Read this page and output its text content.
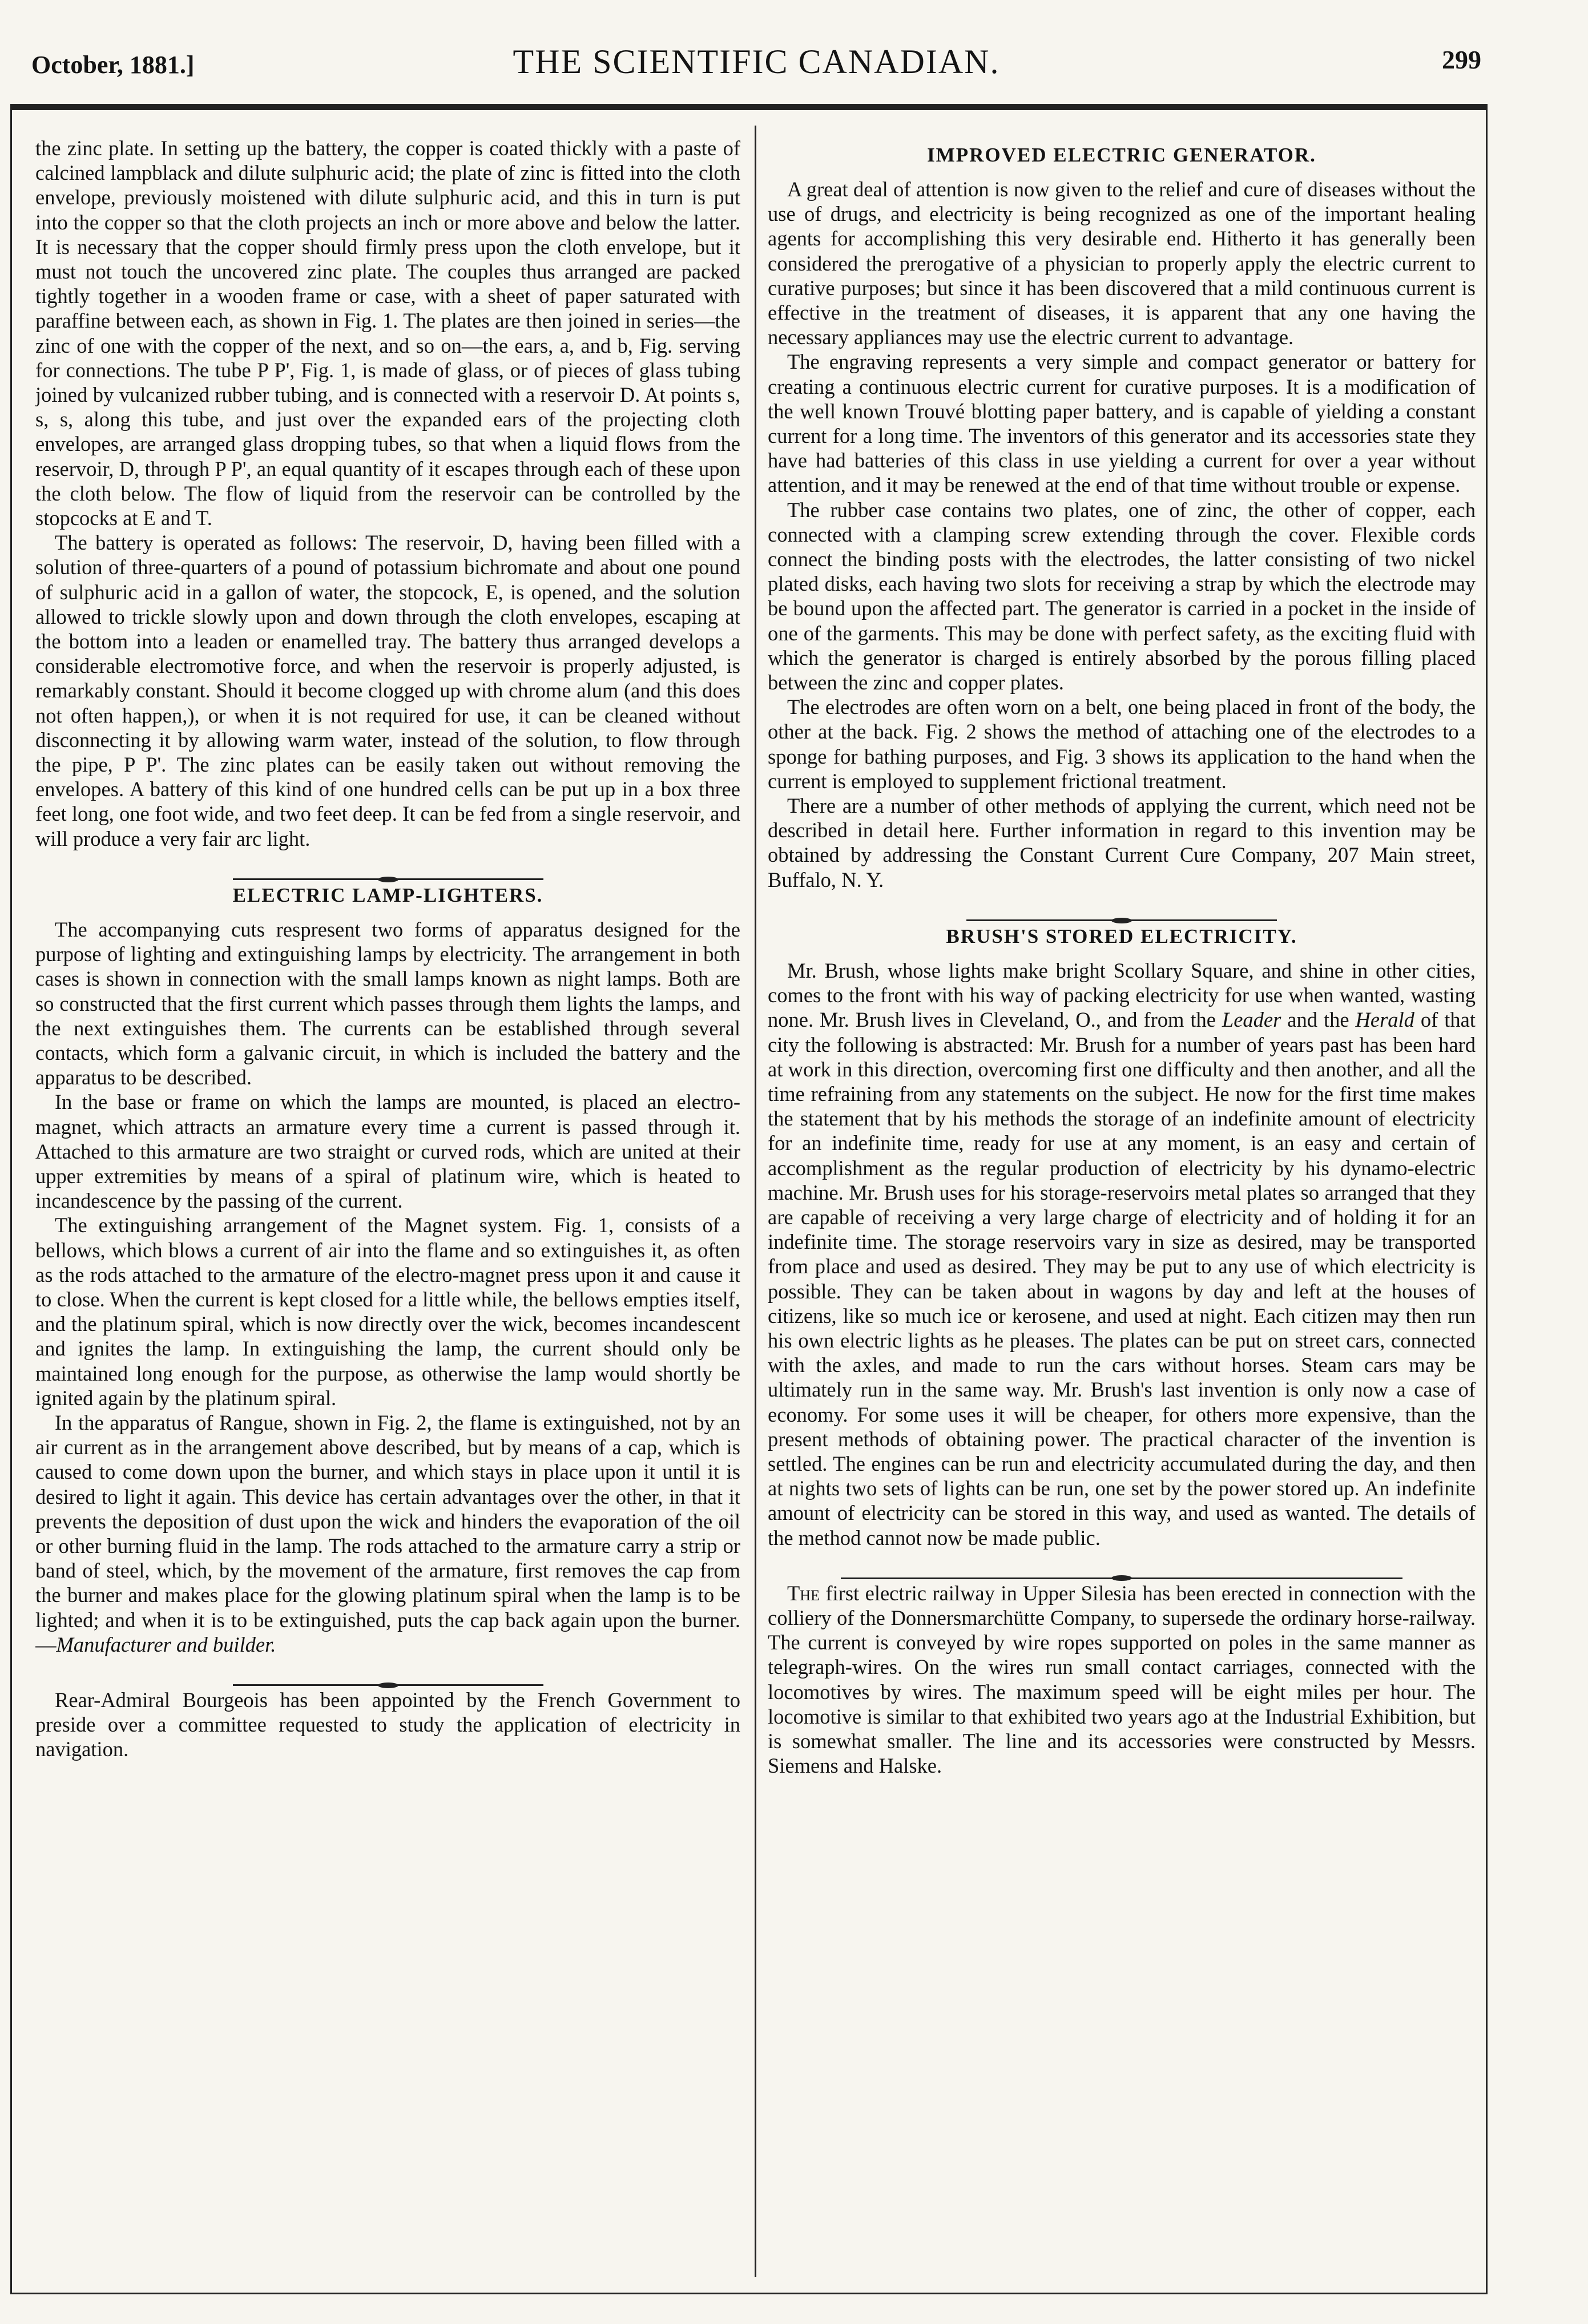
October, 1881.]	THE SCIENTIFIC CANADIAN.	299

the zinc plate. In setting up the battery, the copper is coated thickly with a paste of calcined lampblack and dilute sulphuric acid; the plate of zinc is fitted into the cloth envelope, previously moistened with dilute sulphuric acid, and this in turn is put into the copper so that the cloth projects an inch or more above and below the latter. It is necessary that the copper should firmly press upon the cloth envelope, but it must not touch the uncovered zinc plate. The couples thus arranged are packed tightly together in a wooden frame or case, with a sheet of paper saturated with paraffine between each, as shown in Fig. 1. The plates are then joined in series—the zinc of one with the copper of the next, and so on—the ears, a, and b, Fig. serving for connections. The tube P P', Fig. 1, is made of glass, or of pieces of glass tubing joined by vulcanized rubber tubing, and is connected with a reservoir D. At points s, s, s, along this tube, and just over the expanded ears of the projecting cloth envelopes, are arranged glass dropping tubes, so that when a liquid flows from the reservoir, D, through P P', an equal quantity of it escapes through each of these upon the cloth below. The flow of liquid from the reservoir can be controlled by the stopcocks at E and T.

The battery is operated as follows: The reservoir, D, having been filled with a solution of three-quarters of a pound of potassium bichromate and about one pound of sulphuric acid in a gallon of water, the stopcock, E, is opened, and the solution allowed to trickle slowly upon and down through the cloth envelopes, escaping at the bottom into a leaden or enamelled tray. The battery thus arranged develops a considerable electromotive force, and when the reservoir is properly adjusted, is remarkably constant. Should it become clogged up with chrome alum (and this does not often happen,), or when it is not required for use, it can be cleaned without disconnecting it by allowing warm water, instead of the solution, to flow through the pipe, P P'. The zinc plates can be easily taken out without removing the envelopes. A battery of this kind of one hundred cells can be put up in a box three feet long, one foot wide, and two feet deep. It can be fed from a single reservoir, and will produce a very fair arc light.

ELECTRIC LAMP-LIGHTERS.

The accompanying cuts respresent two forms of apparatus designed for the purpose of lighting and extinguishing lamps by electricity. The arrangement in both cases is shown in connection with the small lamps known as night lamps. Both are so constructed that the first current which passes through them lights the lamps, and the next extinguishes them. The currents can be established through several contacts, which form a galvanic circuit, in which is included the battery and the apparatus to be described.

In the base or frame on which the lamps are mounted, is placed an electro-magnet, which attracts an armature every time a current is passed through it. Attached to this armature are two straight or curved rods, which are united at their upper extremities by means of a spiral of platinum wire, which is heated to incandescence by the passing of the current.

The extinguishing arrangement of the Magnet system. Fig. 1, consists of a bellows, which blows a current of air into the flame and so extinguishes it, as often as the rods attached to the armature of the electro-magnet press upon it and cause it to close. When the current is kept closed for a little while, the bellows empties itself, and the platinum spiral, which is now directly over the wick, becomes incandescent and ignites the lamp. In extinguishing the lamp, the current should only be maintained long enough for the purpose, as otherwise the lamp would shortly be ignited again by the platinum spiral.

In the apparatus of Rangue, shown in Fig. 2, the flame is extinguished, not by an air current as in the arrangement above described, but by means of a cap, which is caused to come down upon the burner, and which stays in place upon it until it is desired to light it again. This device has certain advantages over the other, in that it prevents the deposition of dust upon the wick and hinders the evaporation of the oil or other burning fluid in the lamp. The rods attached to the armature carry a strip or band of steel, which, by the movement of the armature, first removes the cap from the burner and makes place for the glowing platinum spiral when the lamp is to be lighted; and when it is to be extinguished, puts the cap back again upon the burner.—Manufacturer and builder.

Rear-Admiral Bourgeois has been appointed by the French Government to preside over a committee requested to study the application of electricity in navigation.

IMPROVED ELECTRIC GENERATOR.

A great deal of attention is now given to the relief and cure of diseases without the use of drugs, and electricity is being recognized as one of the important healing agents for accomplishing this very desirable end. Hitherto it has generally been considered the prerogative of a physician to properly apply the electric current to curative purposes; but since it has been discovered that a mild continuous current is effective in the treatment of diseases, it is apparent that any one having the necessary appliances may use the electric current to advantage.

The engraving represents a very simple and compact generator or battery for creating a continuous electric current for curative purposes. It is a modification of the well known Trouvé blotting paper battery, and is capable of yielding a constant current for a long time. The inventors of this generator and its accessories state they have had batteries of this class in use yielding a current for over a year without attention, and it may be renewed at the end of that time without trouble or expense.

The rubber case contains two plates, one of zinc, the other of copper, each connected with a clamping screw extending through the cover. Flexible cords connect the binding posts with the electrodes, the latter consisting of two nickel plated disks, each having two slots for receiving a strap by which the electrode may be bound upon the affected part. The generator is carried in a pocket in the inside of one of the garments. This may be done with perfect safety, as the exciting fluid with which the generator is charged is entirely absorbed by the porous filling placed between the zinc and copper plates.

The electrodes are often worn on a belt, one being placed in front of the body, the other at the back. Fig. 2 shows the method of attaching one of the electrodes to a sponge for bathing purposes, and Fig. 3 shows its application to the hand when the current is employed to supplement frictional treatment.

There are a number of other methods of applying the current, which need not be described in detail here. Further information in regard to this invention may be obtained by addressing the Constant Current Cure Company, 207 Main street, Buffalo, N. Y.

BRUSH'S STORED ELECTRICITY.

Mr. Brush, whose lights make bright Scollary Square, and shine in other cities, comes to the front with his way of packing electricity for use when wanted, wasting none. Mr. Brush lives in Cleveland, O., and from the Leader and the Herald of that city the following is abstracted: Mr. Brush for a number of years past has been hard at work in this direction, overcoming first one difficulty and then another, and all the time refraining from any statements on the subject. He now for the first time makes the statement that by his methods the storage of an indefinite amount of electricity for an indefinite time, ready for use at any moment, is an easy and certain of accomplishment as the regular production of electricity by his dynamo-electric machine. Mr. Brush uses for his storage-reservoirs metal plates so arranged that they are capable of receiving a very large charge of electricity and of holding it for an indefinite time. The storage reservoirs vary in size as desired, may be transported from place and used as desired. They may be put to any use of which electricity is possible. They can be taken about in wagons by day and left at the houses of citizens, like so much ice or kerosene, and used at night. Each citizen may then run his own electric lights as he pleases. The plates can be put on street cars, connected with the axles, and made to run the cars without horses. Steam cars may be ultimately run in the same way. Mr. Brush's last invention is only now a case of economy. For some uses it will be cheaper, for others more expensive, than the present methods of obtaining power. The practical character of the invention is settled. The engines can be run and electricity accumulated during the day, and then at nights two sets of lights can be run, one set by the power stored up. An indefinite amount of electricity can be stored in this way, and used as wanted. The details of the method cannot now be made public.

The first electric railway in Upper Silesia has been erected in connection with the colliery of the Donnersmarchütte Company, to supersede the ordinary horse-railway. The current is conveyed by wire ropes supported on poles in the same manner as telegraph-wires. On the wires run small contact carriages, connected with the locomotives by wires. The maximum speed will be eight miles per hour. The locomotive is similar to that exhibited two years ago at the Industrial Exhibition, but is somewhat smaller. The line and its accessories were constructed by Messrs. Siemens and Halske.
